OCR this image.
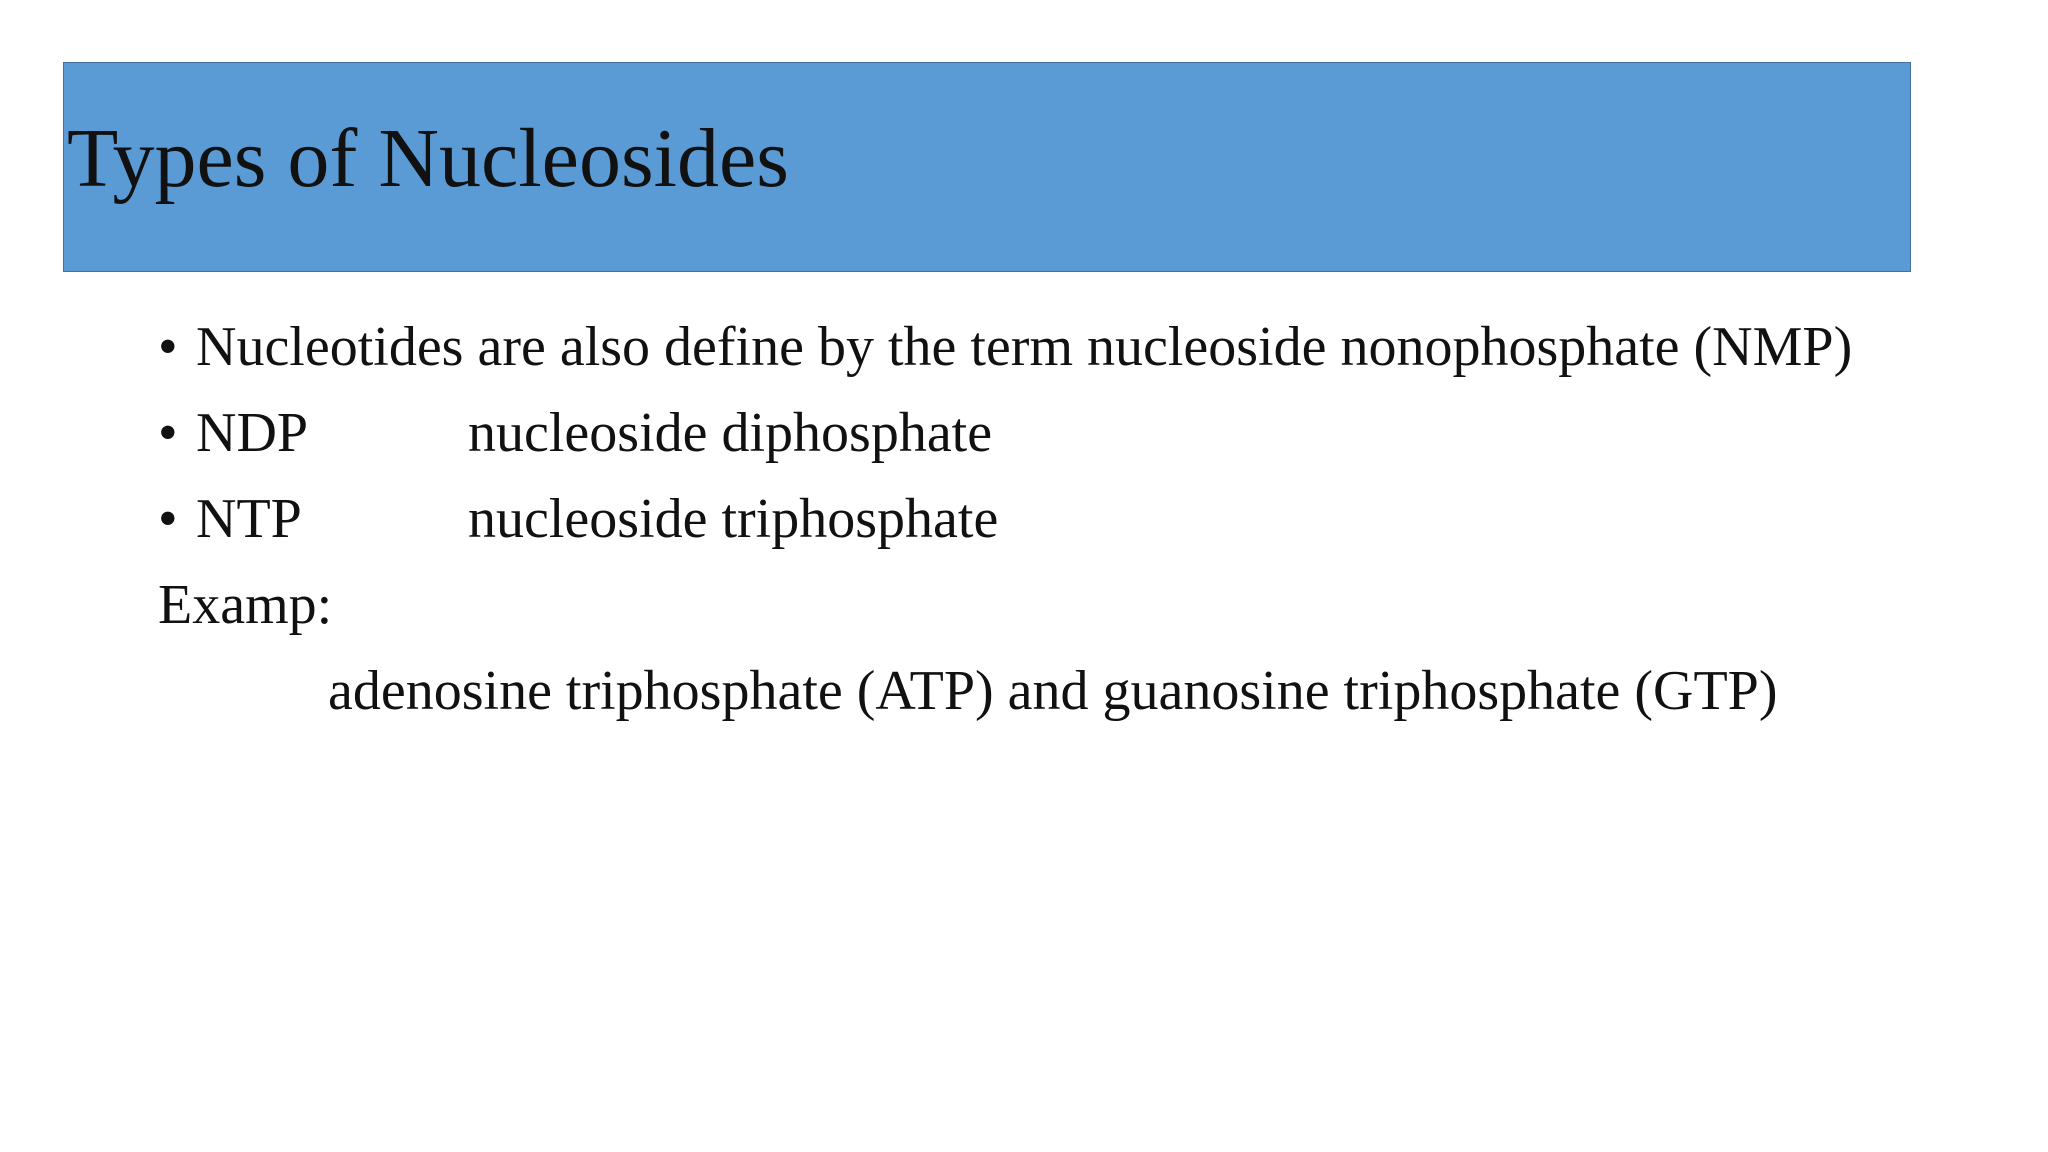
Types of Nucleosides
• Nucleotides are also define by the term nucleoside nonophosphate (NMP)
• NDP	nucleoside diphosphate
• NTP	nucleoside triphosphate
Examp:
adenosine triphosphate (ATP) and guanosine triphosphate (GTP)
